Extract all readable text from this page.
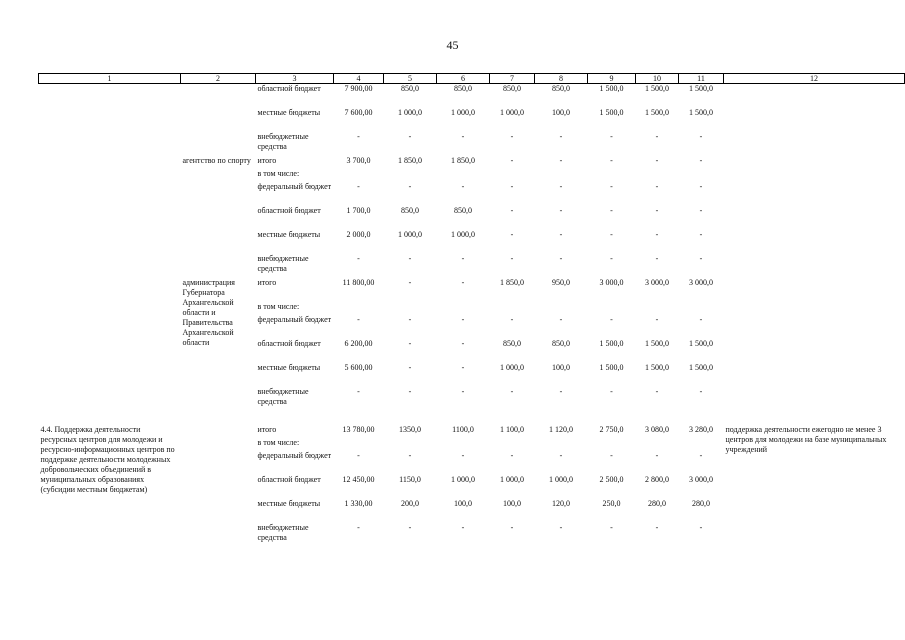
45
1	2	3	4	5	6	7	8	9	10	11	12
		областной бюджет	7 900,00	850,0	850,0	850,0	850,0	1 500,0	1 500,0	1 500,0	
		местные бюджеты	7 600,00	1 000,0	1 000,0	1 000,0	100,0	1 500,0	1 500,0	1 500,0	
		внебюджетные средства	-	-	-	-	-	-	-	-	

	агентство по спорту	итого	3 700,0	1 850,0	1 850,0	-	-	-	-	-	
		в том числе:									
		федеральный бюджет	-	-	-	-	-	-	-	-	
		областной бюджет	1 700,0	850,0	850,0	-	-	-	-	-	
		местные бюджеты	2 000,0	1 000,0	1 000,0	-	-	-	-	-	
		внебюджетные средства	-	-	-	-	-	-	-	-	

	администрация Губернатора Архангельской области и Правительства Архангельской области	итого	11 800,00	-	-	1 850,0	950,0	3 000,0	3 000,0	3 000,0	
		в том числе:									
		федеральный бюджет	-	-	-	-	-	-	-	-	
		областной бюджет	6 200,00	-	-	850,0	850,0	1 500,0	1 500,0	1 500,0	
		местные бюджеты	5 600,00	-	-	1 000,0	100,0	1 500,0	1 500,0	1 500,0	
		внебюджетные средства	-	-	-	-	-	-	-	-	

4.4. Поддержка деятельности ресурсных центров для молодежи и ресурсно-информационных центров по поддержке деятельности молодежных добровольческих объединений в муниципальных образованиях (субсидии местным бюджетам)		итого	13 780,00	1350,0	1100,0	1 100,0	1 120,0	2 750,0	3 080,0	3 280,0	поддержка деятельности ежегодно не менее 3 центров для молодежи на базе муниципальных учреждений

		в том числе:									
		федеральный бюджет	-	-	-	-	-	-	-	-	
		областной бюджет	12 450,00	1150,0	1 000,0	1 000,0	1 000,0	2 500,0	2 800,0	3 000,0	
		местные бюджеты	1 330,00	200,0	100,0	100,0	120,0	250,0	280,0	280,0	
		внебюджетные средства	-	-	-	-	-	-	-	-	
